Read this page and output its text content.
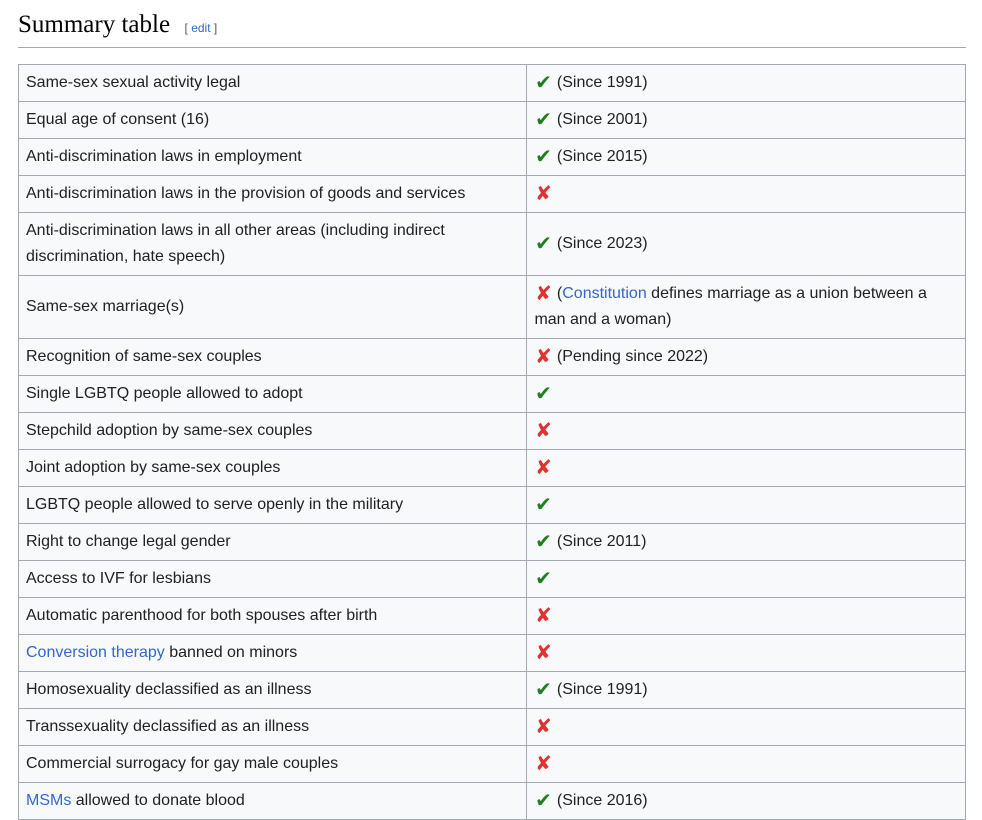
Summary table [ edit ]
Same-sex sexual activity legal	✔ (Since 1991)
Equal age of consent (16)	✔ (Since 2001)
Anti-discrimination laws in employment	✔ (Since 2015)
Anti-discrimination laws in the provision of goods and services	✘
Anti-discrimination laws in all other areas (including indirect discrimination, hate speech)	✔ (Since 2023)
Same-sex marriage(s)	✘ (Constitution defines marriage as a union between a man and a woman)
Recognition of same-sex couples	✘ (Pending since 2022)
Single LGBTQ people allowed to adopt	✔
Stepchild adoption by same-sex couples	✘
Joint adoption by same-sex couples	✘
LGBTQ people allowed to serve openly in the military	✔
Right to change legal gender	✔ (Since 2011)
Access to IVF for lesbians	✔
Automatic parenthood for both spouses after birth	✘
Conversion therapy banned on minors	✘
Homosexuality declassified as an illness	✔ (Since 1991)
Transsexuality declassified as an illness	✘
Commercial surrogacy for gay male couples	✘
MSMs allowed to donate blood	✔ (Since 2016)
